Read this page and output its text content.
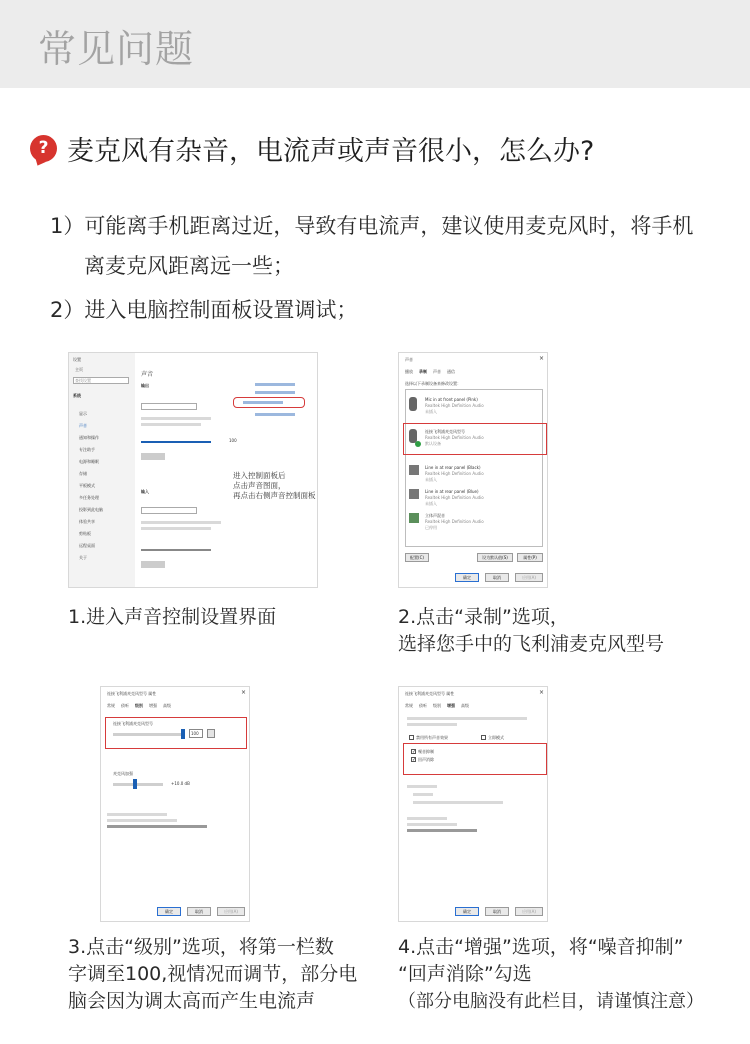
常见问题
? 麦克风有杂音，电流声或声音很小，怎么办?
1）可能离手机距离过近，导致有电流声，建议使用麦克风时，将手机
离麦克风距离远一些；
2）进入电脑控制面板设置调试；
设置
主页
查找设置
系统
显示
声音
通知和操作
专注助手
电源和睡眠
存储
平板模式
多任务处理
投影到此电脑
体验共享
剪贴板
远程桌面
关于
声音
输出
100
输入
进入控制面板后
点击声音图面，
再点击右侧声音控制面板
声音	×
播放 录制 声音 通信
选择以下录制设备来修改设置：
Mic in at front panel (Pink)
Realtek High Definition Audio
未插入
连接飞利浦麦克风型号
Realtek High Definition Audio
默认设备
Line in at rear panel (Black)
Realtek High Definition Audio
未插入
Line in at rear panel (Blue)
Realtek High Definition Audio
未插入
立体声混音
Realtek High Definition Audio
已停用
配置(C)	设为默认值(S)	属性(P)
确定	取消	应用(A)
连接飞利浦麦克风型号 属性	×
常规 侦听 级别 增强 高级
连接飞利浦麦克风型号
100
麦克风加强
+10.0 dB
确定	取消	应用(A)
连接飞利浦麦克风型号 属性	×
常规 侦听 级别 增强 高级
禁用所有声音效果	立即模式
✓ 噪音抑制
✓ 回声消除
确定	取消	应用(A)
1.进入声音控制设置界面	2.点击“录制”选项，
选择您手中的飞利浦麦克风型号
3.点击“级别”选项，将第一栏数
字调至100,视情况而调节，部分电
脑会因为调太高而产生电流声
4.点击“增强”选项，将“噪音抑制”
“回声消除”勾选
（部分电脑没有此栏目，请谨慎注意）
